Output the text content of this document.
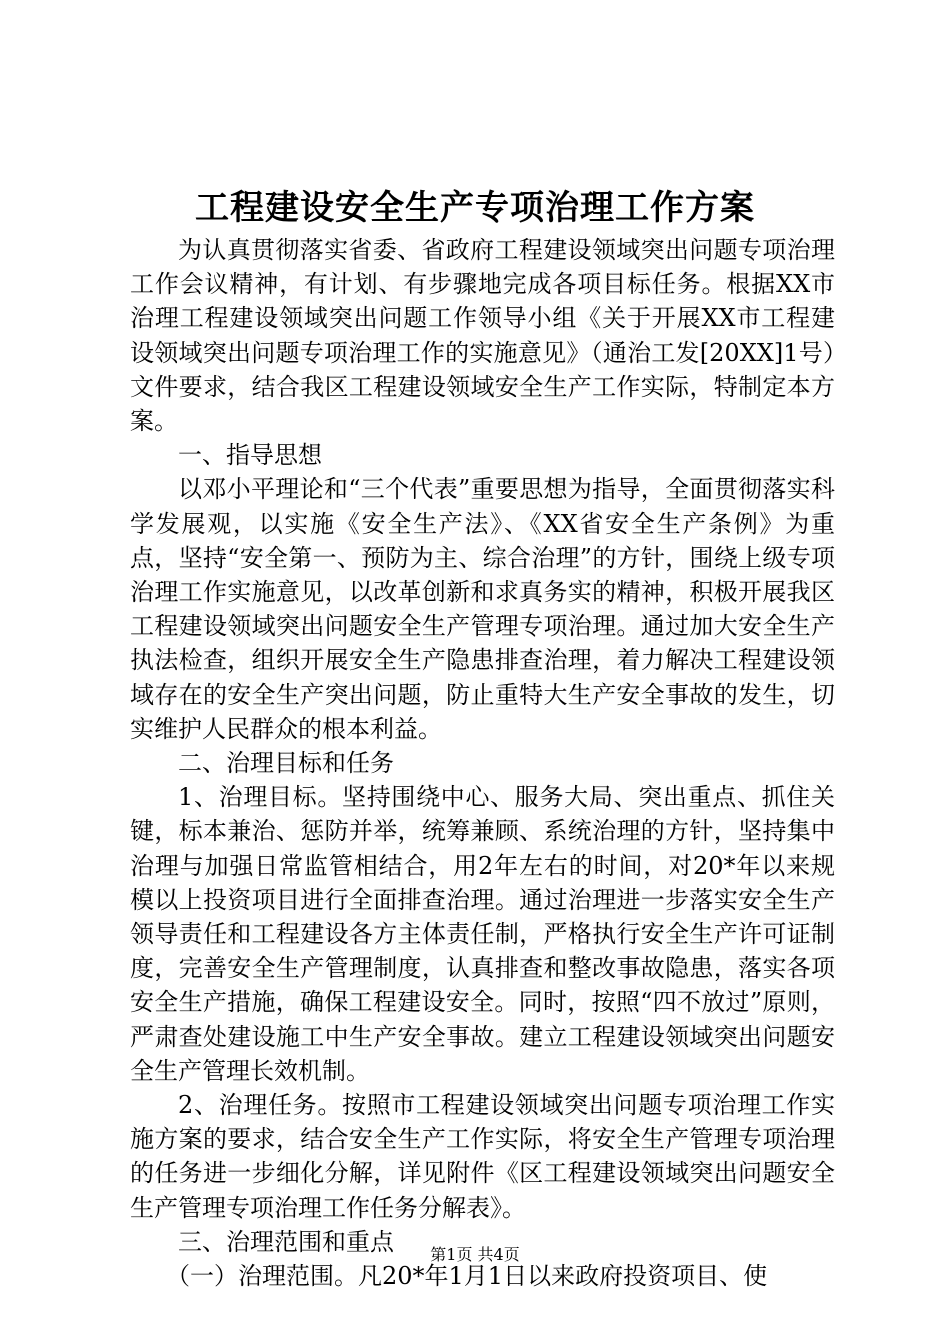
工程建设安全生产专项治理工作方案

为认真贯彻落实省委、省政府工程建设领域突出问题专项治理工作会议精神，有计划、有步骤地完成各项目标任务。根据XX市治理工程建设领域突出问题工作领导小组《关于开展XX市工程建设领域突出问题专项治理工作的实施意见》（通治工发[20XX]1号）文件要求，结合我区工程建设领域安全生产工作实际，特制定本方案。

一、指导思想

以邓小平理论和“三个代表”重要思想为指导，全面贯彻落实科学发展观，以实施《安全生产法》、《XX省安全生产条例》为重点，坚持“安全第一、预防为主、综合治理”的方针，围绕上级专项治理工作实施意见，以改革创新和求真务实的精神，积极开展我区工程建设领域突出问题安全生产管理专项治理。通过加大安全生产执法检查，组织开展安全生产隐患排查治理，着力解决工程建设领域存在的安全生产突出问题，防止重特大生产安全事故的发生，切实维护人民群众的根本利益。

二、治理目标和任务

1、治理目标。坚持围绕中心、服务大局、突出重点、抓住关键，标本兼治、惩防并举，统筹兼顾、系统治理的方针，坚持集中治理与加强日常监管相结合，用2年左右的时间，对20*年以来规模以上投资项目进行全面排查治理。通过治理进一步落实安全生产领导责任和工程建设各方主体责任制，严格执行安全生产许可证制度，完善安全生产管理制度，认真排查和整改事故隐患，落实各项安全生产措施，确保工程建设安全。同时，按照“四不放过”原则，严肃查处建设施工中生产安全事故。建立工程建设领域突出问题安全生产管理长效机制。

2、治理任务。按照市工程建设领域突出问题专项治理工作实施方案的要求，结合安全生产工作实际，将安全生产管理专项治理的任务进一步细化分解，详见附件《区工程建设领域突出问题安全生产管理专项治理工作任务分解表》。

三、治理范围和重点

（一）治理范围。凡20*年1月1日以来政府投资项目、使

第1页 共4页
